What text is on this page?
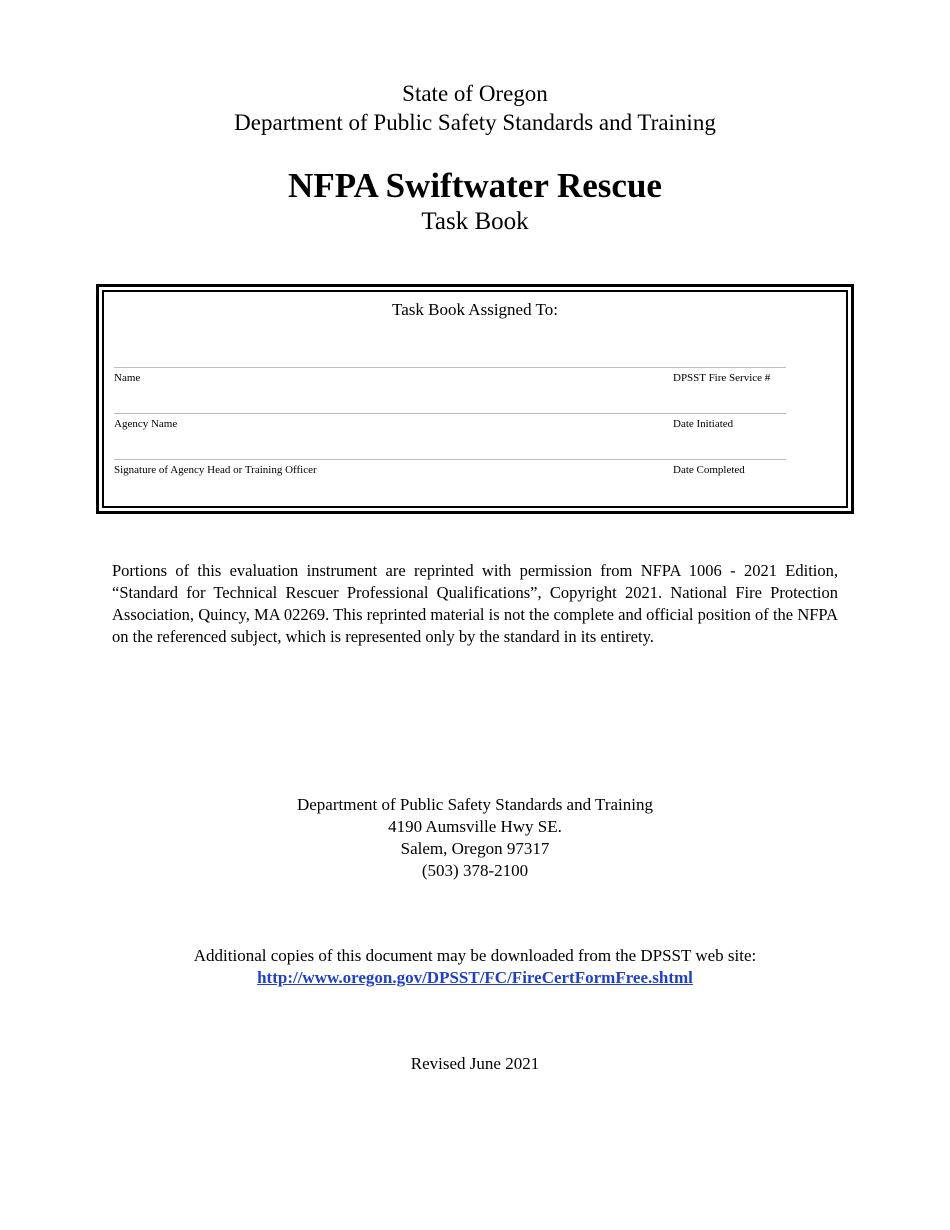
State of Oregon
Department of Public Safety Standards and Training
NFPA Swiftwater Rescue
Task Book
Task Book Assigned To:
Name	DPSST Fire Service #
Agency Name	Date Initiated
Signature of Agency Head or Training Officer	Date Completed

Portions of this evaluation instrument are reprinted with permission from NFPA 1006 - 2021 Edition, “Standard for Technical Rescuer Professional Qualifications”, Copyright 2021. National Fire Protection Association, Quincy, MA 02269. This reprinted material is not the complete and official position of the NFPA on the referenced subject, which is represented only by the standard in its entirety.

Department of Public Safety Standards and Training
4190 Aumsville Hwy SE.
Salem, Oregon 97317
(503) 378-2100
Additional copies of this document may be downloaded from the DPSST web site:
http://www.oregon.gov/DPSST/FC/FireCertFormFree.shtml
Revised June 2021
